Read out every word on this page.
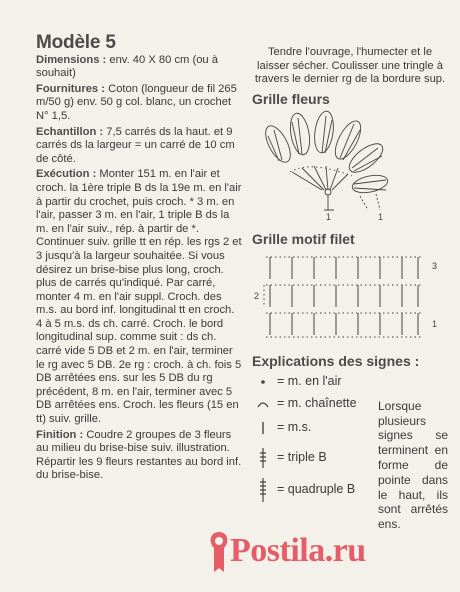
Modèle 5

Dimensions : env. 40 X 80 cm (ou à souhait)

Fournitures : Coton (longueur de fil 265 m/50 g) env. 50 g col. blanc, un crochet N° 1,5.

Echantillon : 7,5 carrés ds la haut. et 9 carrés ds la largeur = un carré de 10 cm de côté.

Exécution : Monter 151 m. en l'air et croch. la 1ère triple B ds la 19e m. en l'air à partir du crochet, puis croch. * 3 m. en l'air, passer 3 m. en l'air, 1 triple B ds la m. en l'air suiv., rép. à partir de *. Continuer suiv. grille tt en rép. les rgs 2 et 3 jusqu'à la largeur souhaitée. Si vous désirez un brise-bise plus long, croch. plus de carrés qu'indiqué. Par carré, monter 4 m. en l'air suppl. Croch. des m.s. au bord inf. longitudinal tt en croch. 4 à 5 m.s. ds ch. carré. Croch. le bord longitudinal sup. comme suit : ds ch. carré vide 5 DB et 2 m. en l'air, terminer le rg avec 5 DB. 2e rg : croch. à ch. fois 5 DB arrêtées ens. sur les 5 DB du rg précédent, 8 m. en l'air, terminer avec 5 DB arrêtées ens. Croch. les fleurs (15 en tt) suiv. grille.

Finition : Coudre 2 groupes de 3 fleurs au milieu du brise-bise suiv. illustration. Répartir les 9 fleurs restantes au bord inf. du brise-bise.

Tendre l'ouvrage, l'humecter et le laisser sécher. Coulisser une tringle à travers le dernier rg de la bordure sup.
Grille fleurs
1	1
Grille motif filet
3
2
1
Explications des signes :
= m. en l'air
= m. chaînette
= m.s.
= triple B
= quadruple B
Lorsque plusieurs signes se terminent en forme de pointe dans le haut, ils sont arrêtés ens.
Postila.ru
